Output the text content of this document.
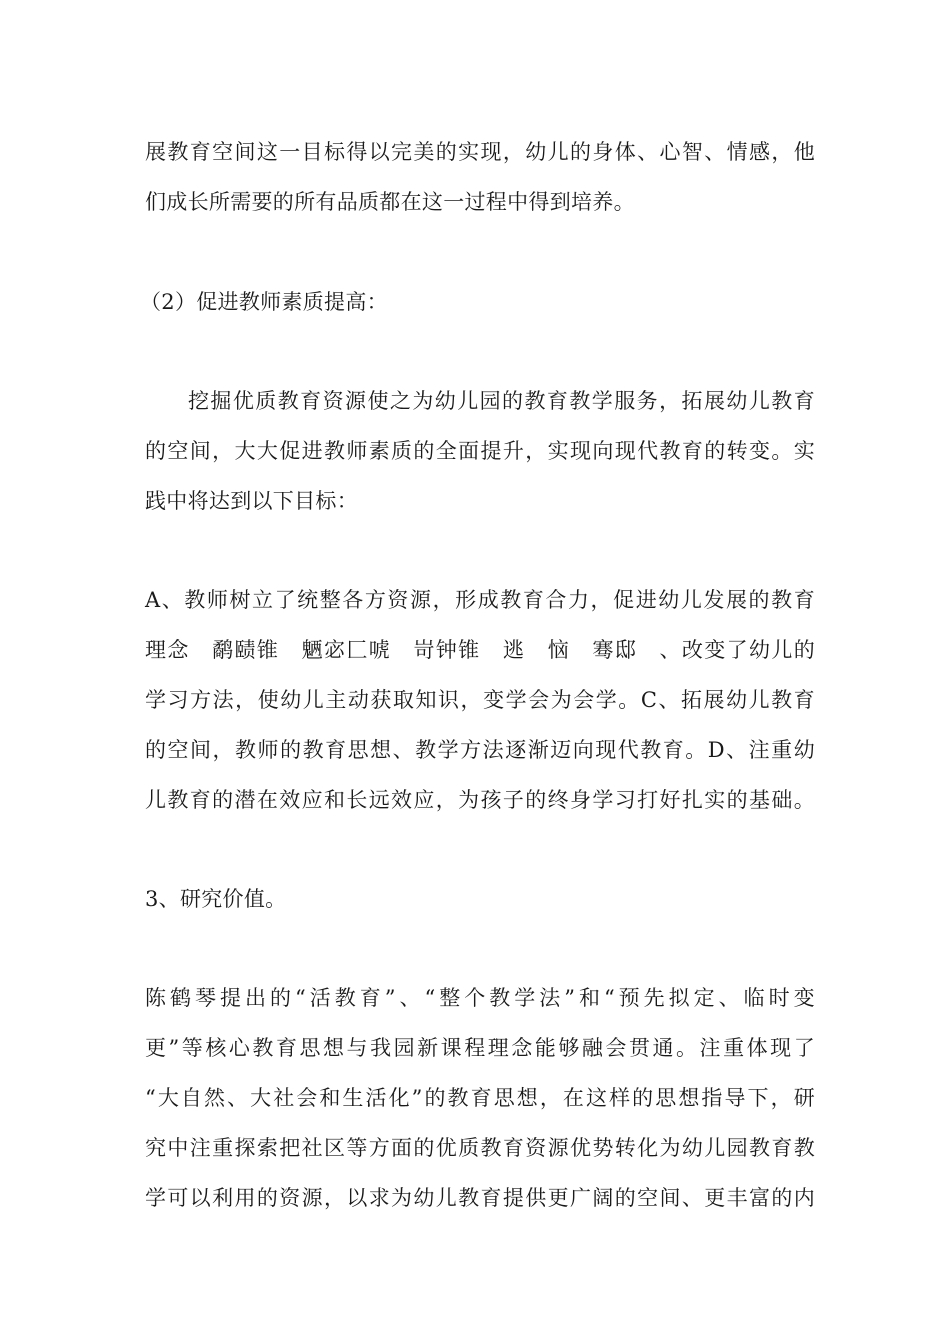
展教育空间这一目标得以完美的实现，幼儿的身体、心智、情感，他
们成长所需要的所有品质都在这一过程中得到培养。
（2）促进教师素质提高：
挖掘优质教育资源使之为幼儿园的教育教学服务，拓展幼儿教育
的空间，大大促进教师素质的全面提升，实现向现代教育的转变。实
践中将达到以下目标：
A、教师树立了统整各方资源，形成教育合力，促进幼儿发展的教育
理念　鹬赜锥　魉宓匚唬　岢钟锥　逃　恼　骞邸　、改变了幼儿的
学习方法，使幼儿主动获取知识，变学会为会学。C、拓展幼儿教育
的空间，教师的教育思想、教学方法逐渐迈向现代教育。D、注重幼
儿教育的潜在效应和长远效应，为孩子的终身学习打好扎实的基础。
3、研究价值。
陈鹤琴提出的“活教育”、“整个教学法”和“预先拟定、临时变
更”等核心教育思想与我园新课程理念能够融会贯通。注重体现了
“大自然、大社会和生活化”的教育思想，在这样的思想指导下，研
究中注重探索把社区等方面的优质教育资源优势转化为幼儿园教育教
学可以利用的资源，以求为幼儿教育提供更广阔的空间、更丰富的内
